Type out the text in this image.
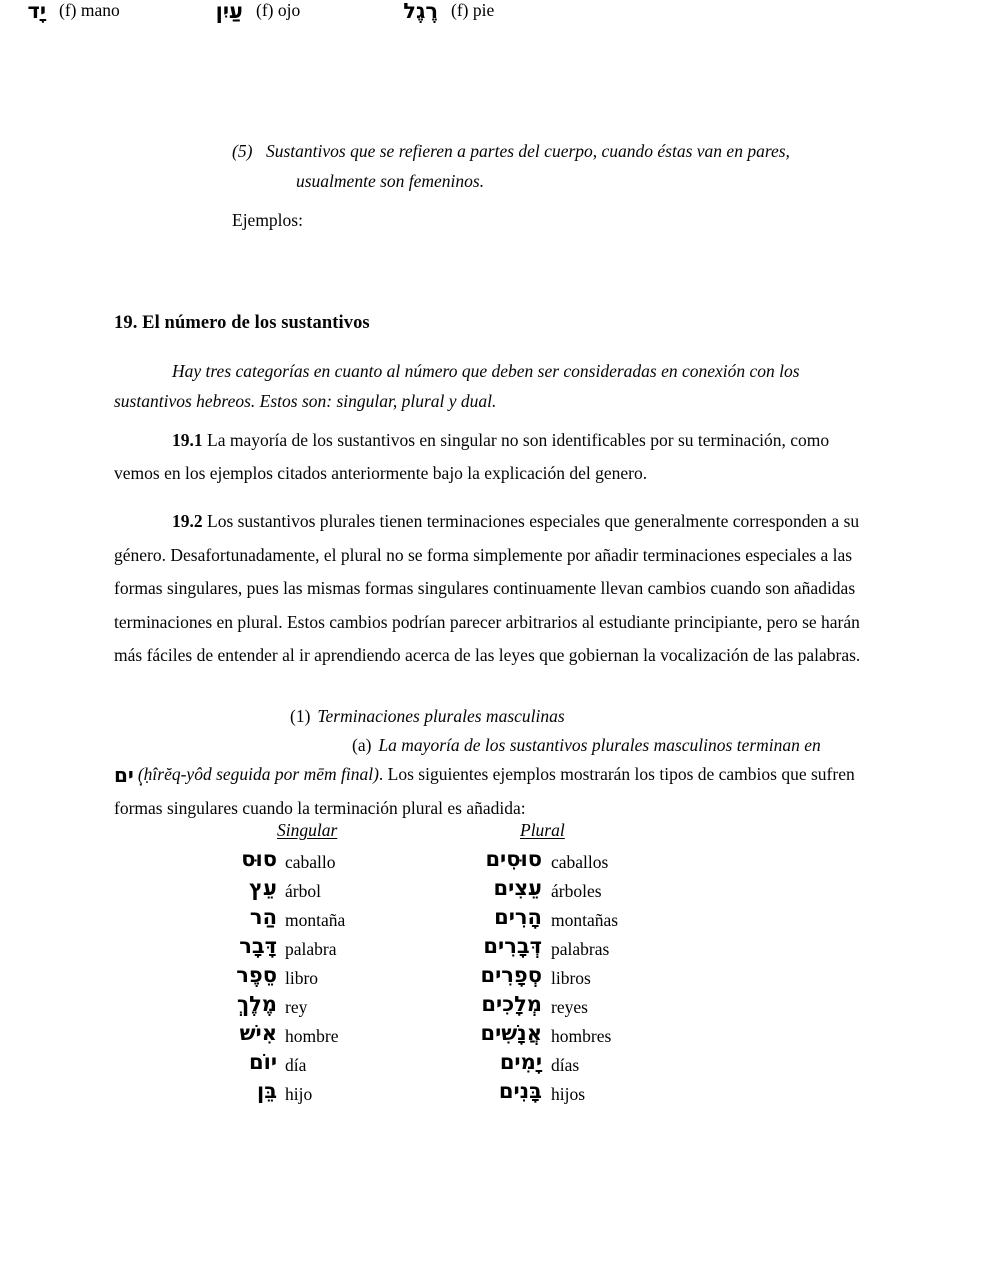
(5) Sustantivos que se refieren a partes del cuerpo, cuando éstas van en pares,
usualmente son femeninos.
Ejemplos:
יָד (f) mano	עַיִן (f) ojo	רֶגֶל (f) pie
19. El número de los sustantivos
Hay tres categorías en cuanto al número que deben ser consideradas en conexión con los sustantivos hebreos. Estos son: singular, plural y dual.
19.1 La mayoría de los sustantivos en singular no son identificables por su terminación, como vemos en los ejemplos citados anteriormente bajo la explicación del genero.
19.2 Los sustantivos plurales tienen terminaciones especiales que generalmente corresponden a su género. Desafortunadamente, el plural no se forma simplemente por añadir terminaciones especiales a las formas singulares, pues las mismas formas singulares continuamente llevan cambios cuando son añadidas terminaciones en plural. Estos cambios podrían parecer arbitrarios al estudiante principiante, pero se harán más fáciles de entender al ir aprendiendo acerca de las leyes que gobiernan la vocalización de las palabras.
(1) Terminaciones plurales masculinas
(a) La mayoría de los sustantivos plurales masculinos terminan en
ִים (ḥîrĕq-yôd seguida por mēm final). Los siguientes ejemplos mostrarán los tipos de cambios que sufren formas singulares cuando la terminación plural es añadida:
Singular	Plural
סוּס caballo	סוּסִים caballos
עֵץ árbol	עֵצִים árboles
הַר montaña	הָרִים montañas
דָּבָר palabra	דְּבָרִים palabras
סֵפֶר libro	סְפָרִים libros
מֶלֶךְ rey	מְלָכִים reyes
אִישׁ hombre	אֲנָשִׁים hombres
יוֹם día	יָמִים días
בֵּן hijo	בָּנִים hijos
